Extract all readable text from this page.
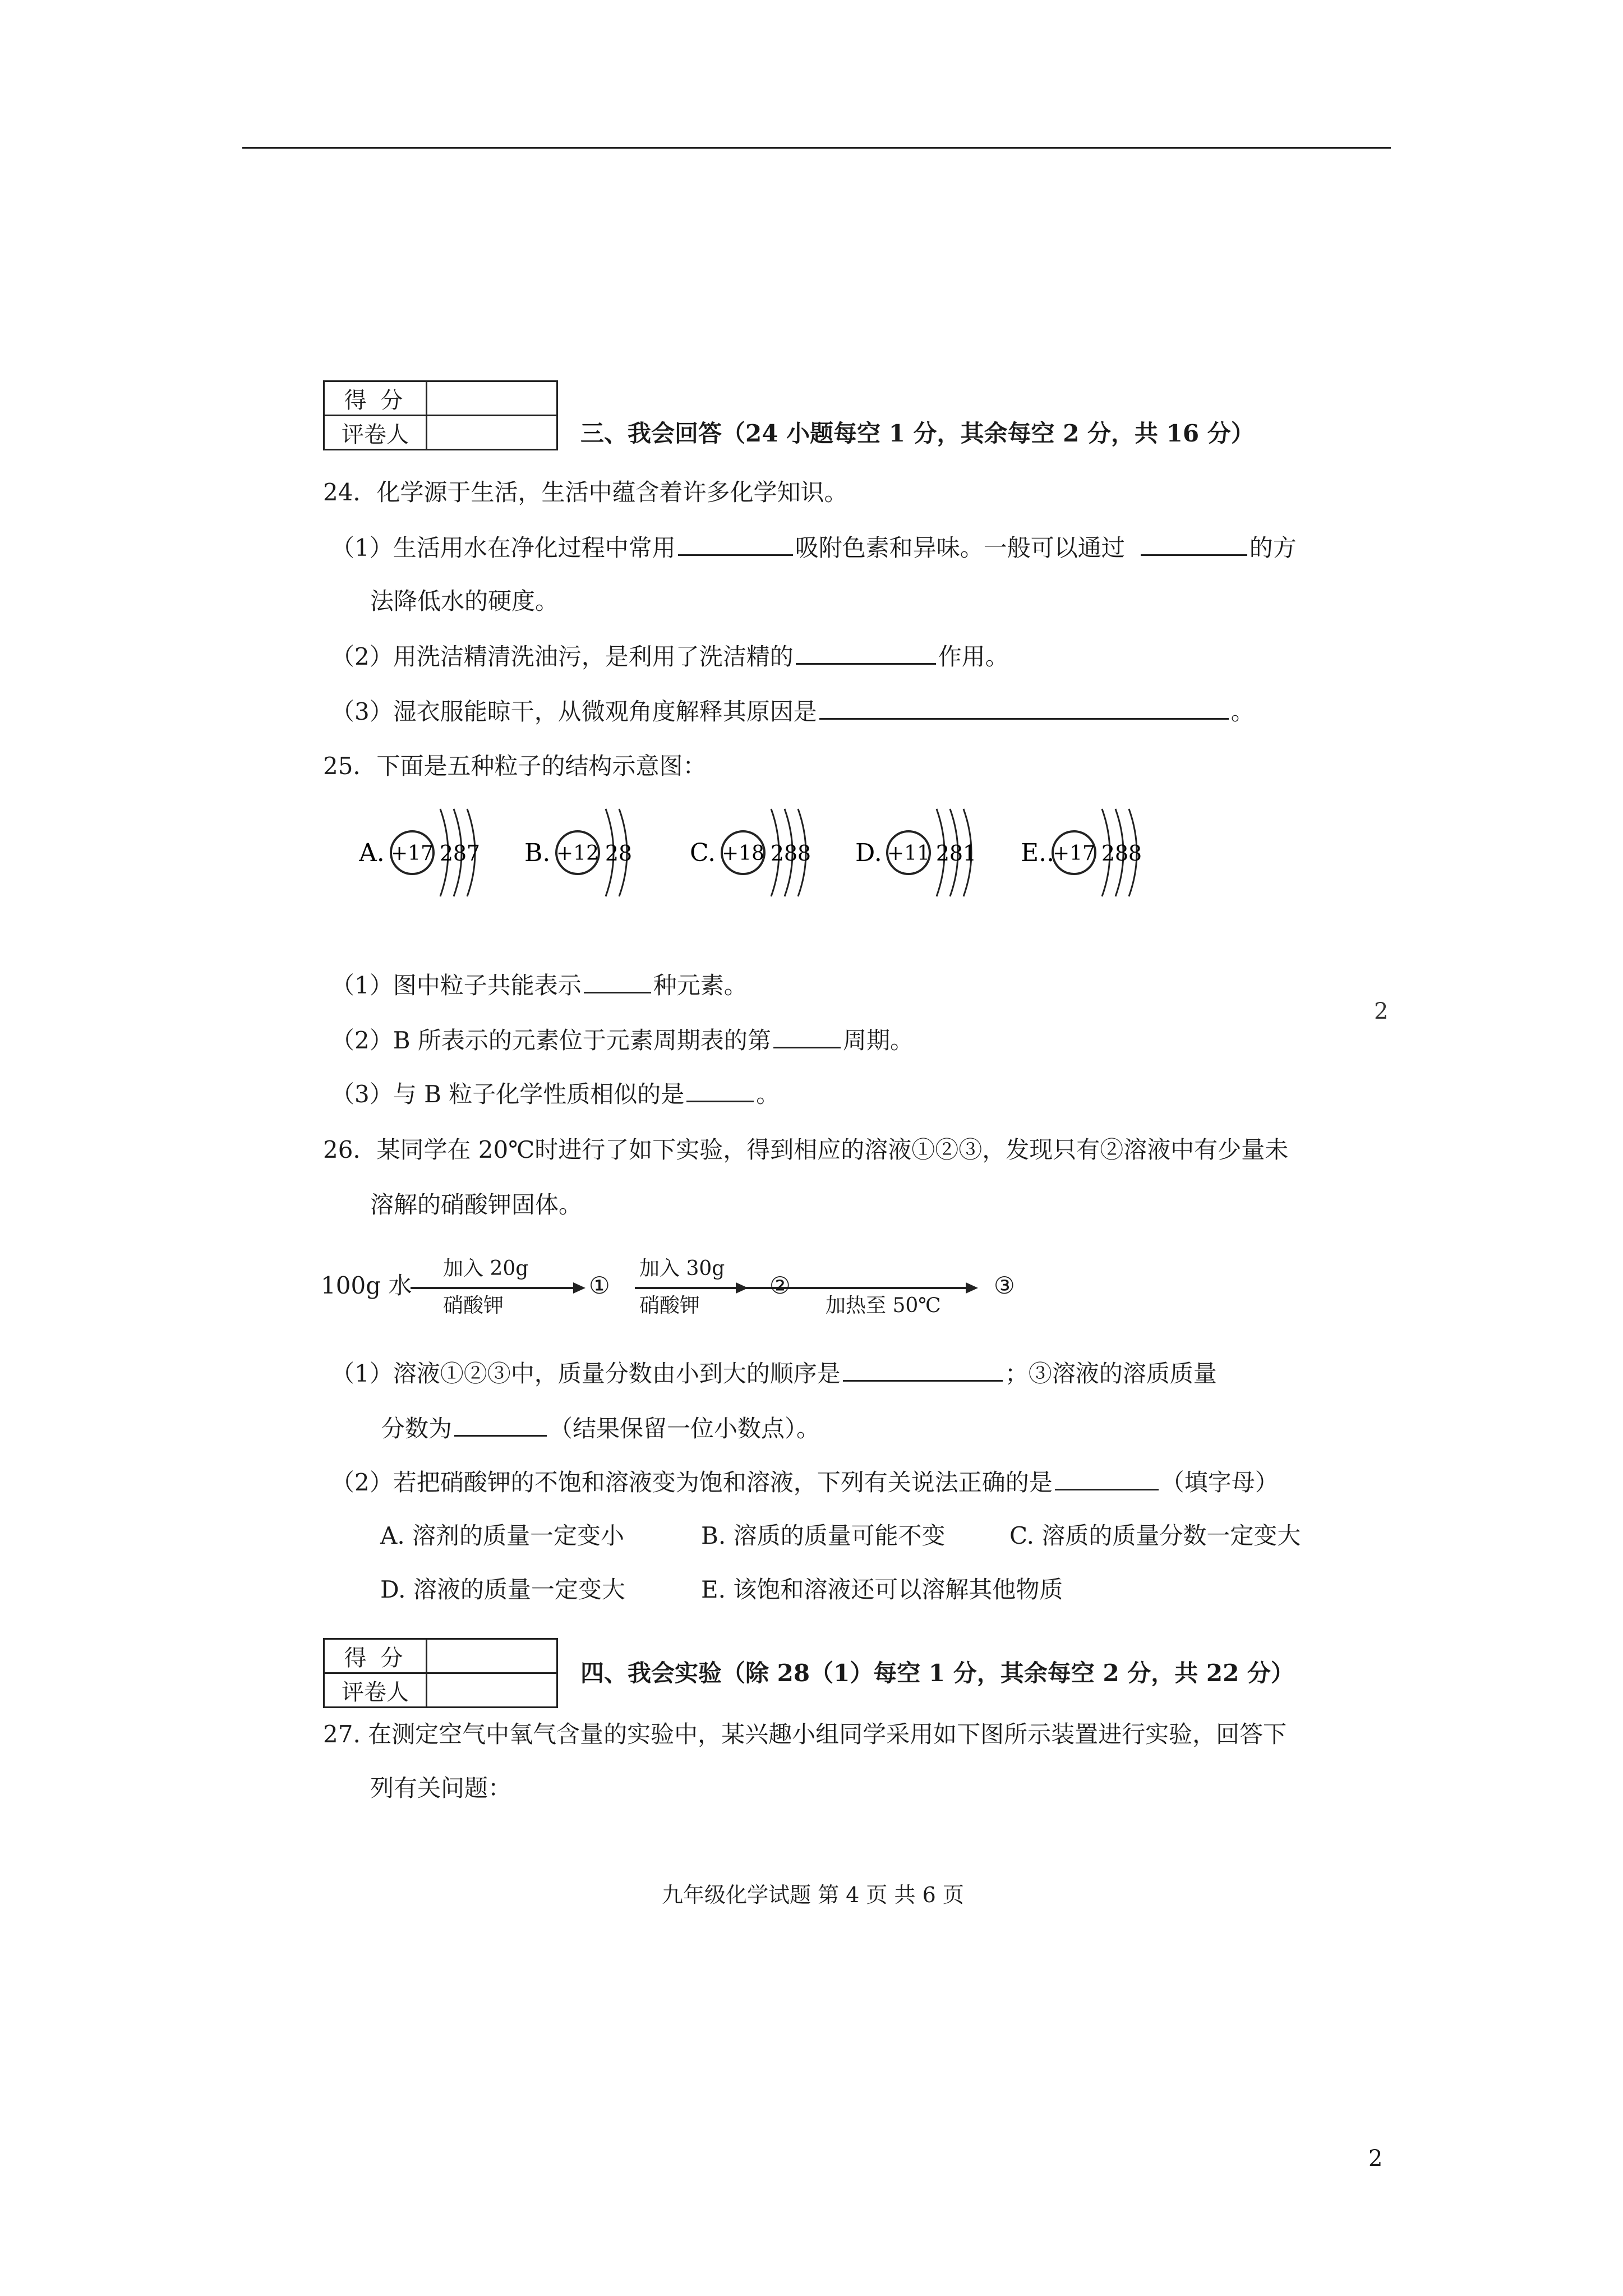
得 分	
评卷人		三、我会回答（24 小题每空 1 分，其余每空 2 分，共 16 分）
24．化学源于生活，生活中蕴含着许多化学知识。
（1）生活用水在净化过程中常用	吸附色素和异味。一般可以通过	的方
法降低水的硬度。
（2）用洗洁精清洗油污，是利用了洗洁精的	作用。
（3）湿衣服能晾干，从微观角度解释其原因是	。
25．下面是五种粒子的结构示意图：
A. +17 2 8 7 B. +12 2 8 C. +18 2 8 8 D. +11 2 8 1 E..
+17 2 8 8
（1）图中粒子共能表示	种元素。
（2）B 所表示的元素位于元素周期表的第	周期。
（3）与 B 粒子化学性质相似的是	。
26．某同学在 20℃时进行了如下实验，得到相应的溶液①②③，发现只有②溶液中有少量未
溶解的硝酸钾固体。
100g 水
加入 20g
硝酸钾
①
加入 30g
硝酸钾
②
加热至 50℃
③
（1）溶液①②③中，质量分数由小到大的顺序是	；③溶液的溶质质量
分数为	（结果保留一位小数点）。
（2）若把硝酸钾的不饱和溶液变为饱和溶液，下列有关说法正确的是	（填字母）
A. 溶剂的质量一定变小	B. 溶质的质量可能不变	C. 溶质的质量分数一定变大
D. 溶液的质量一定变大	E. 该饱和溶液还可以溶解其他物质
得 分	
评卷人	
四、我会实验（除 28（1）每空 1 分，其余每空 2 分，共 22 分）
27. 在测定空气中氧气含量的实验中，某兴趣小组同学采用如下图所示装置进行实验，回答下
列有关问题：
九年级化学试题 第 4 页 共 6 页
2
2
